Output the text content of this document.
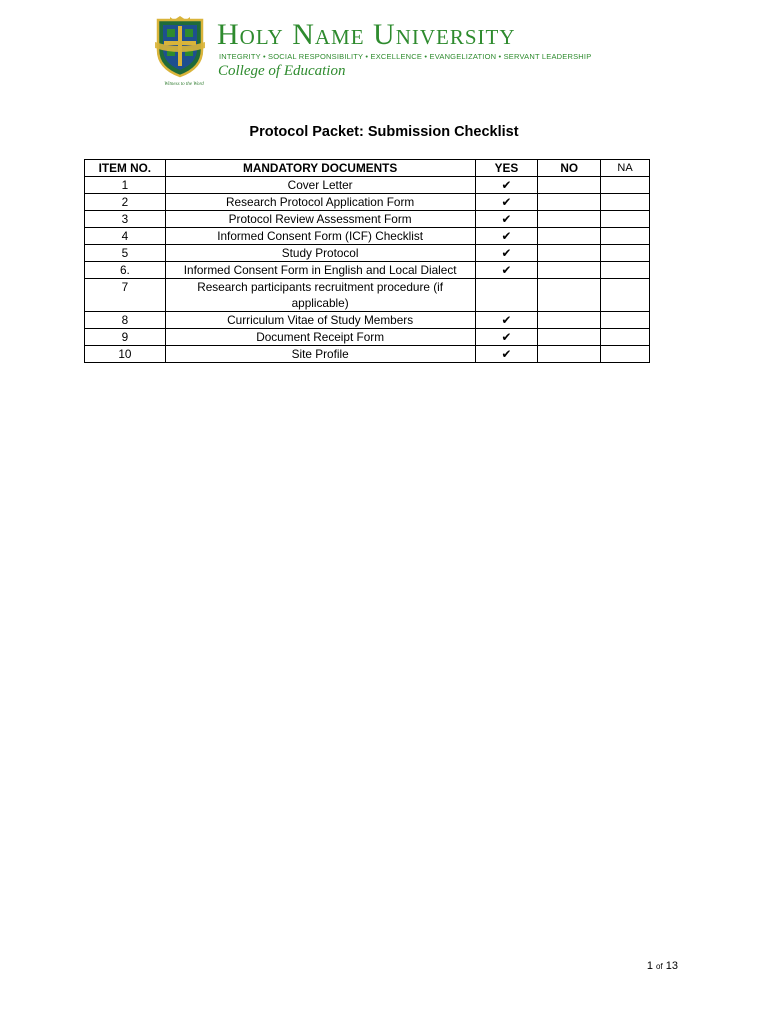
Witness to the Word
Holy Name University
INTEGRITY • SOCIAL RESPONSIBILITY • EXCELLENCE • EVANGELIZATION • SERVANT LEADERSHIP
College of Education
Protocol Packet: Submission Checklist
ITEM NO.	MANDATORY DOCUMENTS	YES	NO	NA
1	Cover Letter	✔		
2	Research Protocol Application Form	✔		
3	Protocol Review Assessment Form	✔		
4	Informed Consent Form (ICF) Checklist	✔		
5	Study Protocol	✔		
6.	Informed Consent Form in English and Local Dialect	✔		
7	Research participants recruitment procedure (if applicable)			
8	Curriculum Vitae of Study Members	✔		
9	Document Receipt Form	✔		
10	Site Profile	✔		
1 of 13
